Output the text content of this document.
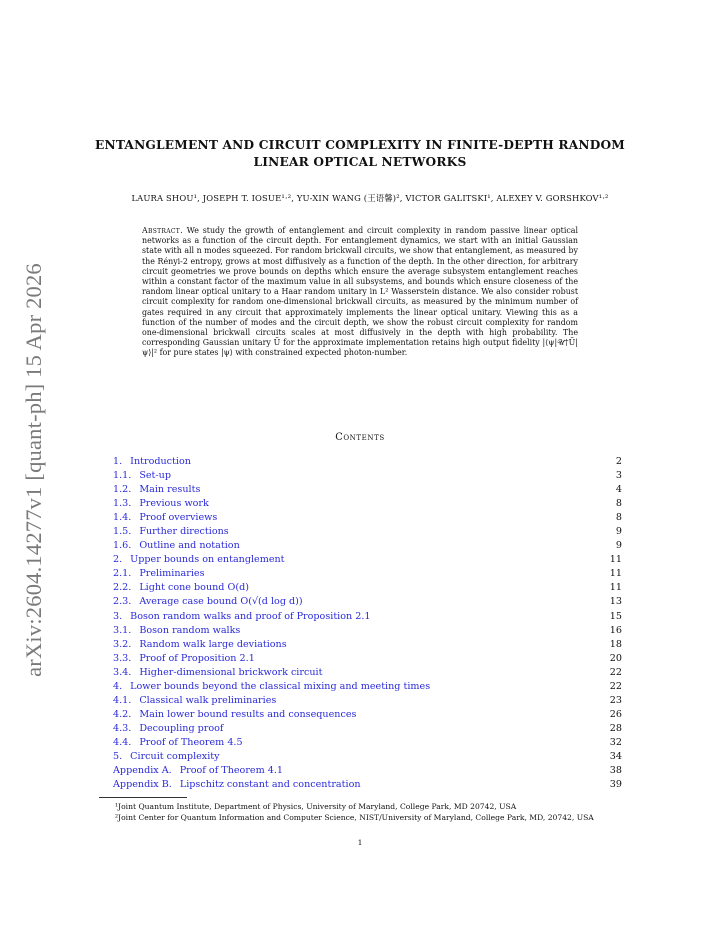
arXiv:2604.14277v1 [quant-ph] 15 Apr 2026
ENTANGLEMENT AND CIRCUIT COMPLEXITY IN FINITE-DEPTH RANDOM
LINEAR OPTICAL NETWORKS
LAURA SHOU¹, JOSEPH T. IOSUE¹·², YU-XIN WANG (王语馨)², VICTOR GALITSKI¹, ALEXEY V. GORSHKOV¹·²
Abstract. We study the growth of entanglement and circuit complexity in random passive linear optical networks as a function of the circuit depth. For entanglement dynamics, we start with an initial Gaussian state with all n modes squeezed. For random brickwall circuits, we show that entanglement, as measured by the Rényi-2 entropy, grows at most diffusively as a function of the depth. In the other direction, for arbitrary circuit geometries we prove bounds on depths which ensure the average subsystem entanglement reaches within a constant factor of the maximum value in all subsystems, and bounds which ensure closeness of the random linear optical unitary to a Haar random unitary in L² Wasserstein distance. We also consider robust circuit complexity for random one-dimensional brickwall circuits, as measured by the minimum number of gates required in any circuit that approximately implements the linear optical unitary. Viewing this as a function of the number of modes and the circuit depth, we show the robust circuit complexity for random one-dimensional brickwall circuits scales at most diffusively in the depth with high probability. The corresponding Gaussian unitary Ũ for the approximate implementation retains high output fidelity |⟨ψ|𝒰†Ũ|ψ⟩|² for pure states |ψ⟩ with constrained expected photon-number.
Contents
1. Introduction	2
1.1. Set-up	3
1.2. Main results	4
1.3. Previous work	8
1.4. Proof overviews	8
1.5. Further directions	9
1.6. Outline and notation	9
2. Upper bounds on entanglement	11
2.1. Preliminaries	11
2.2. Light cone bound O(d)	11
2.3. Average case bound O(√(d log d))	13
3. Boson random walks and proof of Proposition 2.1	15
3.1. Boson random walks	16
3.2. Random walk large deviations	18
3.3. Proof of Proposition 2.1	20
3.4. Higher-dimensional brickwork circuit	22
4. Lower bounds beyond the classical mixing and meeting times	22
4.1. Classical walk preliminaries	23
4.2. Main lower bound results and consequences	26
4.3. Decoupling proof	28
4.4. Proof of Theorem 4.5	32
5. Circuit complexity	34
Appendix A. Proof of Theorem 4.1	38
Appendix B. Lipschitz constant and concentration	39

¹Joint Quantum Institute, Department of Physics, University of Maryland, College Park, MD 20742, USA

²Joint Center for Quantum Information and Computer Science, NIST/University of Maryland, College Park, MD, 20742, USA

1
